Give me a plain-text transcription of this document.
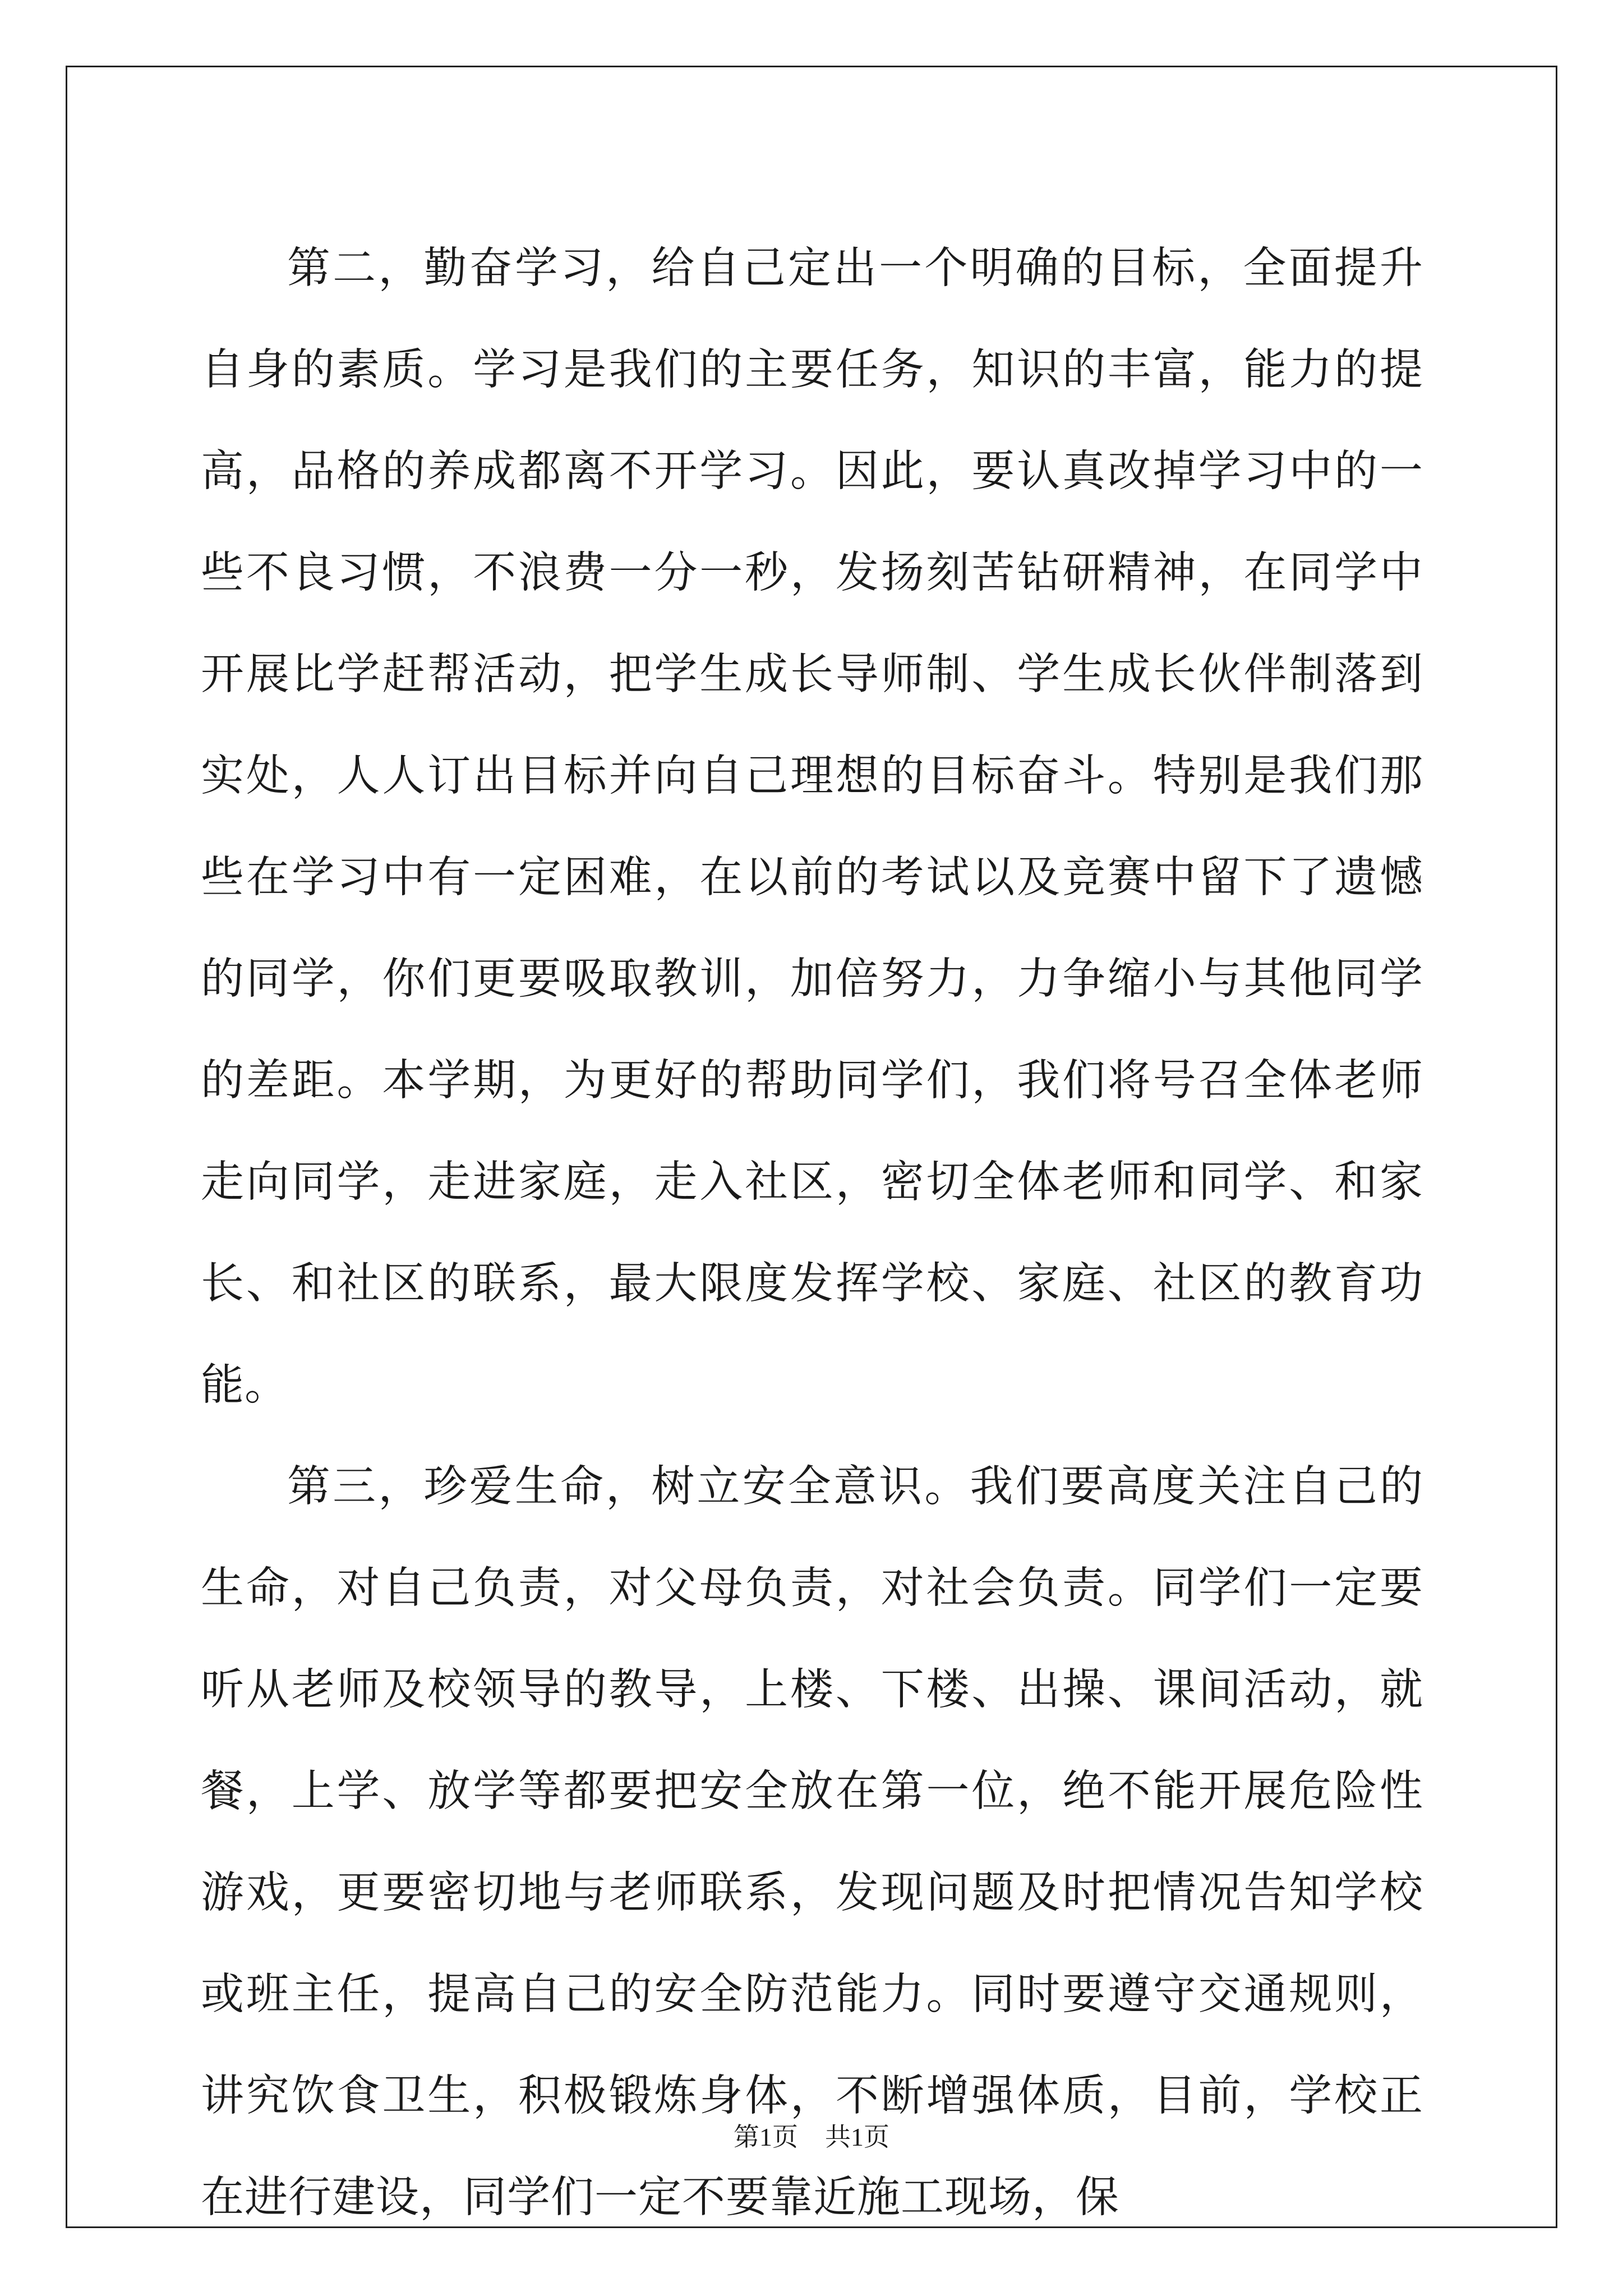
第二，勤奋学习，给自己定出一个明确的目标，全面提升自身的素质。学习是我们的主要任务，知识的丰富，能力的提高，品格的养成都离不开学习。因此，要认真改掉学习中的一些不良习惯，不浪费一分一秒，发扬刻苦钻研精神，在同学中开展比学赶帮活动，把学生成长导师制、学生成长伙伴制落到实处，人人订出目标并向自己理想的目标奋斗。特别是我们那些在学习中有一定困难，在以前的考试以及竞赛中留下了遗憾的同学，你们更要吸取教训，加倍努力，力争缩小与其他同学的差距。本学期，为更好的帮助同学们，我们将号召全体老师走向同学，走进家庭，走入社区，密切全体老师和同学、和家长、和社区的联系，最大限度发挥学校、家庭、社区的教育功能。

第三，珍爱生命，树立安全意识。我们要高度关注自己的生命，对自己负责，对父母负责，对社会负责。同学们一定要听从老师及校领导的教导，上楼、下楼、出操、课间活动，就餐，上学、放学等都要把安全放在第一位，绝不能开展危险性游戏，更要密切地与老师联系，发现问题及时把情况告知学校或班主任，提高自己的安全防范能力。同时要遵守交通规则，讲究饮食卫生，积极锻炼身体，不断增强体质，目前，学校正在进行建设，同学们一定不要靠近施工现场，保

第1页 共1页
